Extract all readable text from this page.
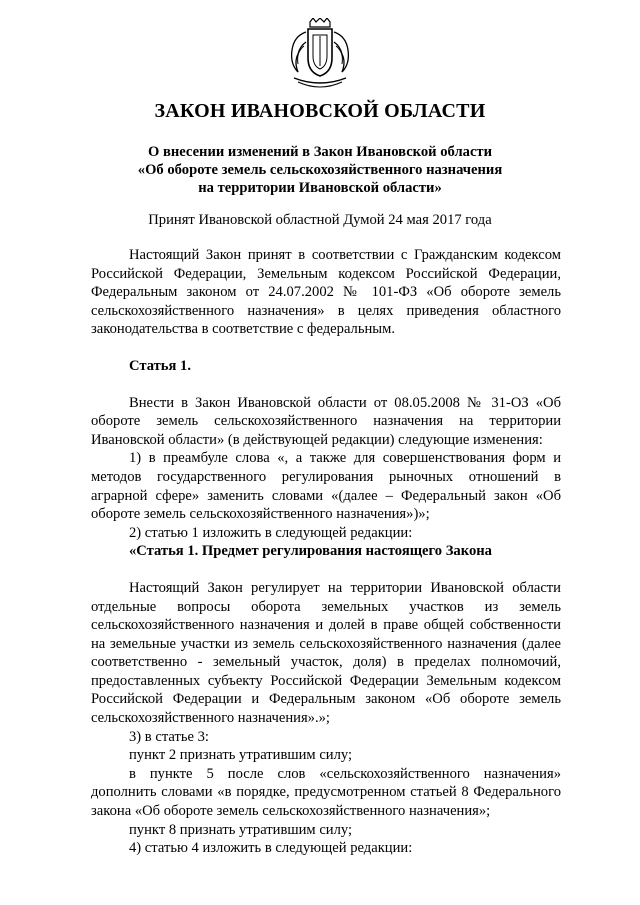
ЗАКОН ИВАНОВСКОЙ ОБЛАСТИ
О внесении изменений в Закон Ивановской области
«Об обороте земель сельскохозяйственного назначения
на территории Ивановской области»
Принят Ивановской областной Думой 24 мая 2017 года

Настоящий Закон принят в соответствии с Гражданским кодексом Российской Федерации, Земельным кодексом Российской Федерации, Федеральным законом от 24.07.2002 № 101-ФЗ «Об обороте земель сельскохозяйственного назначения» в целях приведения областного законодательства в соответствие с федеральным.

Статья 1.

Внести в Закон Ивановской области от 08.05.2008 № 31-ОЗ «Об обороте земель сельскохозяйственного назначения на территории Ивановской области» (в действующей редакции) следующие изменения:

1) в преамбуле слова «, а также для совершенствования форм и методов государственного регулирования рыночных отношений в аграрной сфере» заменить словами «(далее – Федеральный закон «Об обороте земель сельскохозяйственного назначения»)»;

2) статью 1 изложить в следующей редакции:

«Статья 1. Предмет регулирования настоящего Закона

Настоящий Закон регулирует на территории Ивановской области отдельные вопросы оборота земельных участков из земель сельскохозяйственного назначения и долей в праве общей собственности на земельные участки из земель сельскохозяйственного назначения (далее соответственно - земельный участок, доля) в пределах полномочий, предоставленных субъекту Российской Федерации Земельным кодексом Российской Федерации и Федеральным законом «Об обороте земель сельскохозяйственного назначения».»;

3) в статье 3:

пункт 2 признать утратившим силу;

в пункте 5 после слов «сельскохозяйственного назначения» дополнить словами «в порядке, предусмотренном статьей 8 Федерального закона «Об обороте земель сельскохозяйственного назначения»;

пункт 8 признать утратившим силу;

4) статью 4 изложить в следующей редакции:
